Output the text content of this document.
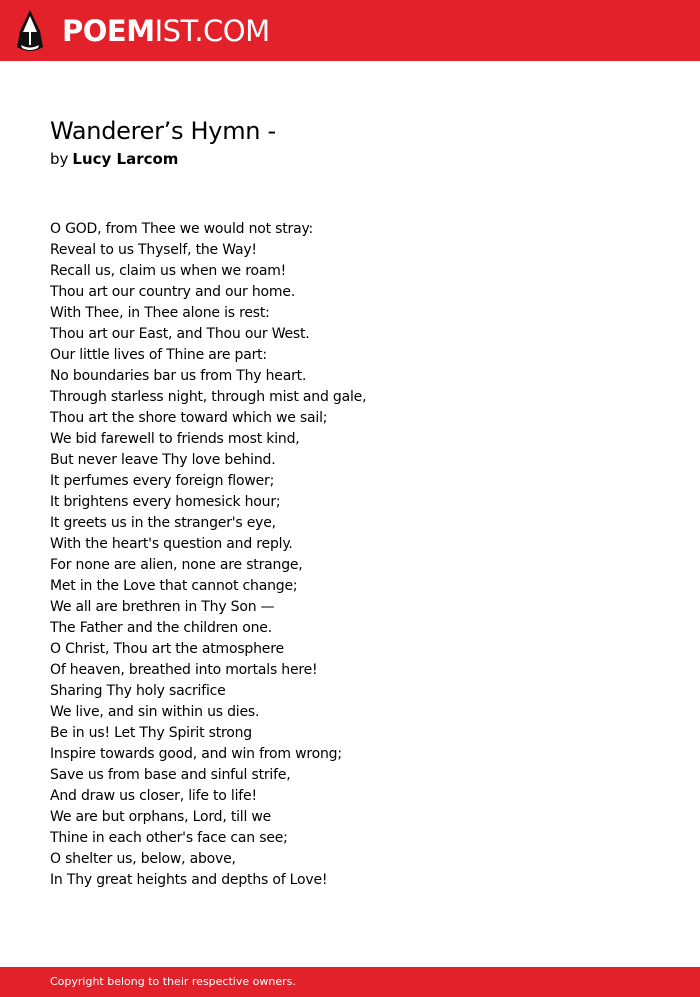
POEMIST.COM
Wanderer’s Hymn -
by Lucy Larcom
O GOD, from Thee we would not stray:
Reveal to us Thyself, the Way!
Recall us, claim us when we roam!
Thou art our country and our home.
With Thee, in Thee alone is rest:
Thou art our East, and Thou our West.
Our little lives of Thine are part:
No boundaries bar us from Thy heart.
Through starless night, through mist and gale,
Thou art the shore toward which we sail;
We bid farewell to friends most kind,
But never leave Thy love behind.
It perfumes every foreign flower;
It brightens every homesick hour;
It greets us in the stranger's eye,
With the heart's question and reply.
For none are alien, none are strange,
Met in the Love that cannot change;
We all are brethren in Thy Son —
The Father and the children one.
O Christ, Thou art the atmosphere
Of heaven, breathed into mortals here!
Sharing Thy holy sacrifice
We live, and sin within us dies.
Be in us! Let Thy Spirit strong
Inspire towards good, and win from wrong;
Save us from base and sinful strife,
And draw us closer, life to life!
We are but orphans, Lord, till we
Thine in each other's face can see;
O shelter us, below, above,
In Thy great heights and depths of Love!
Copyright belong to their respective owners.
